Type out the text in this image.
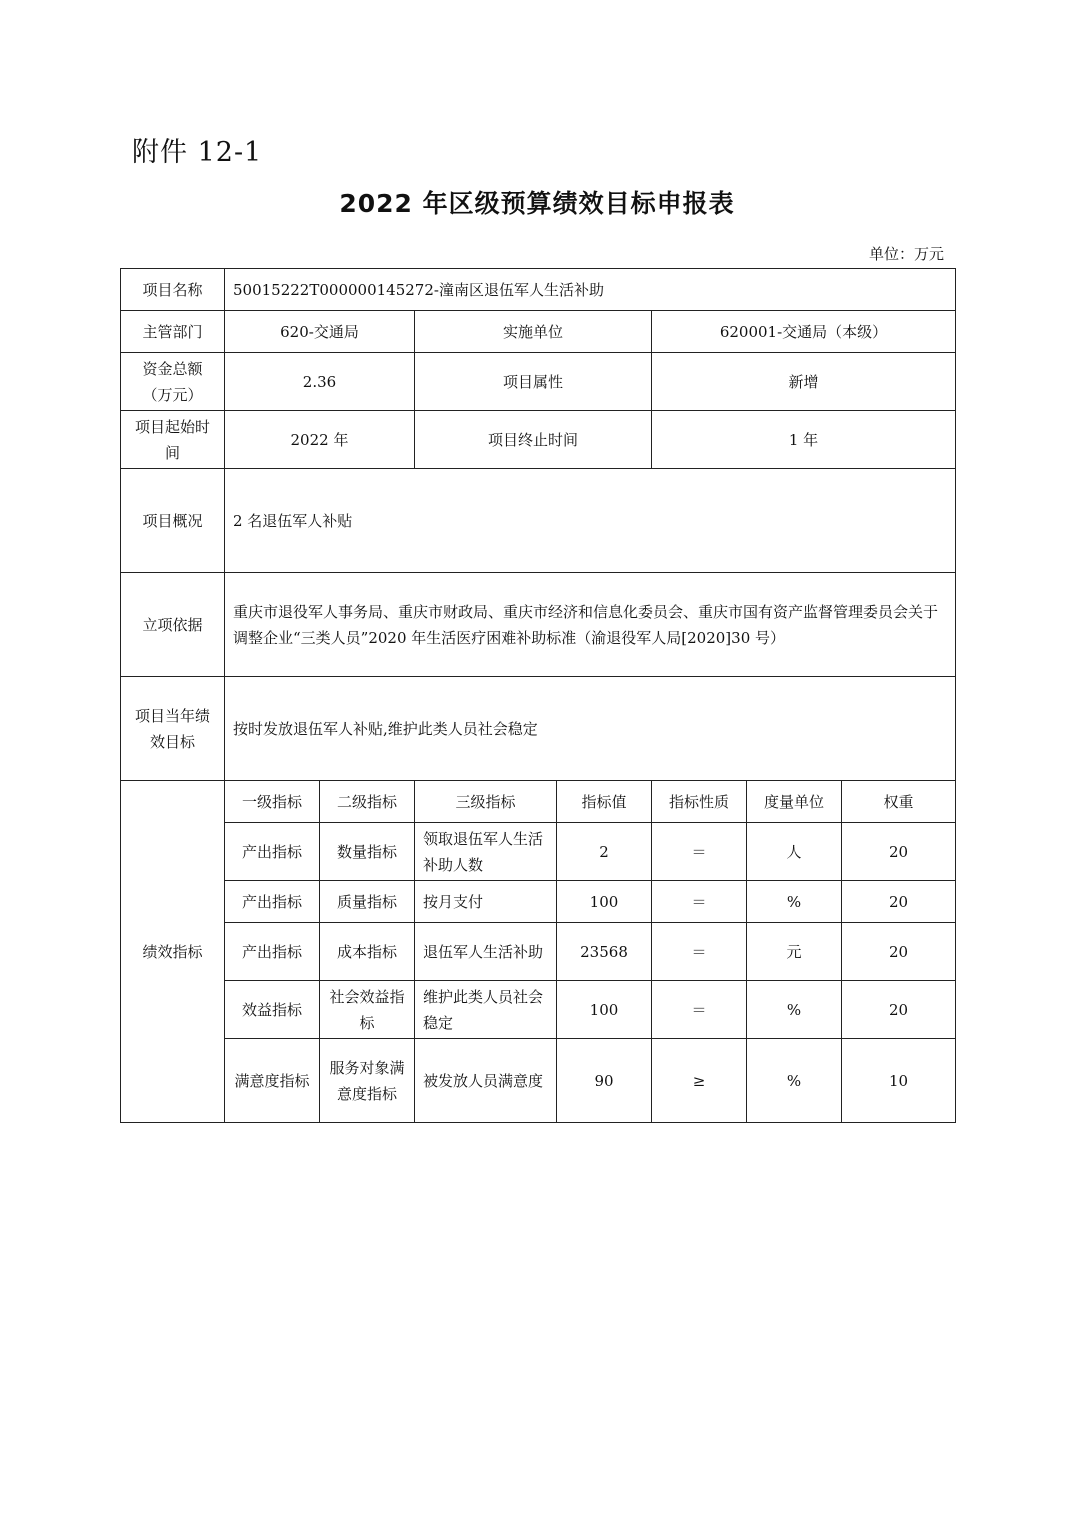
附件 12-1
2022 年区级预算绩效目标申报表
单位：万元
项目名称	50015222T000000145272-潼南区退伍军人生活补助						
主管部门	620-交通局		实施单位		620001-交通局（本级）		

资金总额
（万元）	2.36		项目属性		新增		

项目起始时
间	2022 年		项目终止时间		1 年		
项目概况	2 名退伍军人补贴						
立项依据	重庆市退役军人事务局、重庆市财政局、重庆市经济和信息化委员会、重庆市国有资产监督管理委员会关于调整企业“三类人员”2020 年生活医疗困难补助标准（渝退役军人局[2020]30 号）						

项目当年绩
效目标	按时发放退伍军人补贴,维护此类人员社会稳定						
绩效指标	一级指标	二级指标	三级指标	指标值	指标性质	度量单位	权重
	产出指标	数量指标	领取退伍军人生活补助人数	2	＝	人	20
	产出指标	质量指标	按月支付	100	＝	%	20
	产出指标	成本指标	退伍军人生活补助	23568	＝	元	20
	效益指标	社会效益指标	维护此类人员社会稳定	100	＝	%	20
	满意度指标	服务对象满意度指标	被发放人员满意度	90	≥	%	10
